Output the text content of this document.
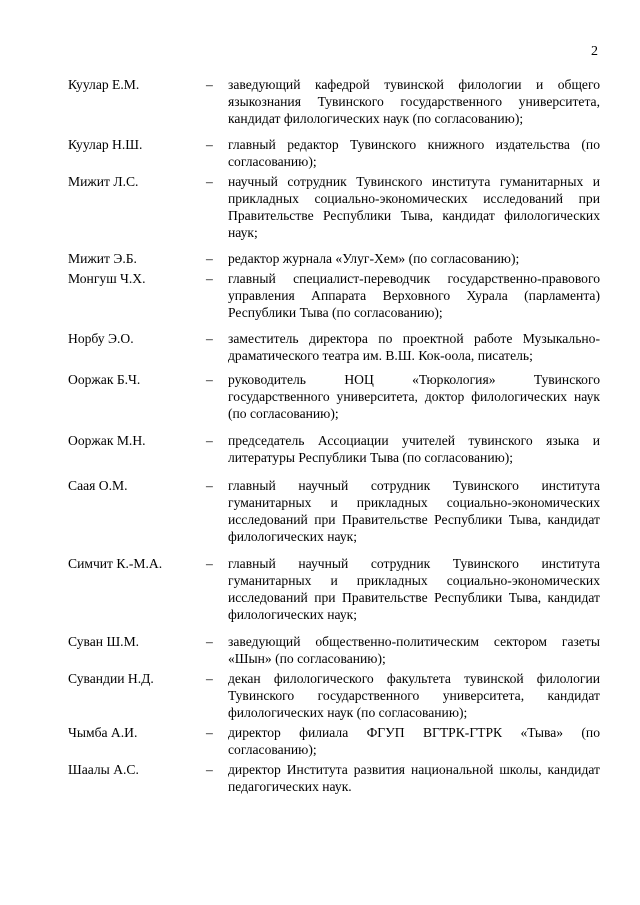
2
Куулар Е.М.	–	заведующий кафедрой тувинской филологии и общего языкознания Тувинского государственного университета, кандидат филологических наук (по согласованию);
Куулар Н.Ш.	–	главный редактор Тувинского книжного издательства (по согласованию);
Мижит Л.С.	–	научный сотрудник Тувинского института гуманитарных и прикладных социально-экономических исследований при Правительстве Республики Тыва, кандидат филологических наук;
Мижит Э.Б.	–	редактор журнала «Улуг-Хем» (по согласованию);
Монгуш Ч.Х.	–	главный специалист-переводчик государственно-правового управления Аппарата Верховного Хурала (парламента) Республики Тыва (по согласованию);
Норбу Э.О.	–	заместитель директора по проектной работе Музыкально-драматического театра им. В.Ш. Кок-оола, писатель;
Ооржак Б.Ч.	–	руководитель НОЦ «Тюркология» Тувинского государственного университета, доктор филологических наук (по согласованию);
Ооржак М.Н.	–	председатель Ассоциации учителей тувинского языка и литературы Республики Тыва (по согласованию);
Саая О.М.	–	главный научный сотрудник Тувинского института гуманитарных и прикладных социально-экономических исследований при Правительстве Республики Тыва, кандидат филологических наук;
Симчит К.-М.А.	–	главный научный сотрудник Тувинского института гуманитарных и прикладных социально-экономических исследований при Правительстве Республики Тыва, кандидат филологических наук;
Суван Ш.М.	–	заведующий общественно-политическим сектором газеты «Шын» (по согласованию);
Сувандии Н.Д.	–	декан филологического факультета тувинской филологии Тувинского государственного университета, кандидат филологических наук (по согласованию);
Чымба А.И.	–	директор филиала ФГУП ВГТРК-ГТРК «Тыва» (по согласованию);
Шаалы А.С.	–	директор Института развития национальной школы, кандидат педагогических наук.
